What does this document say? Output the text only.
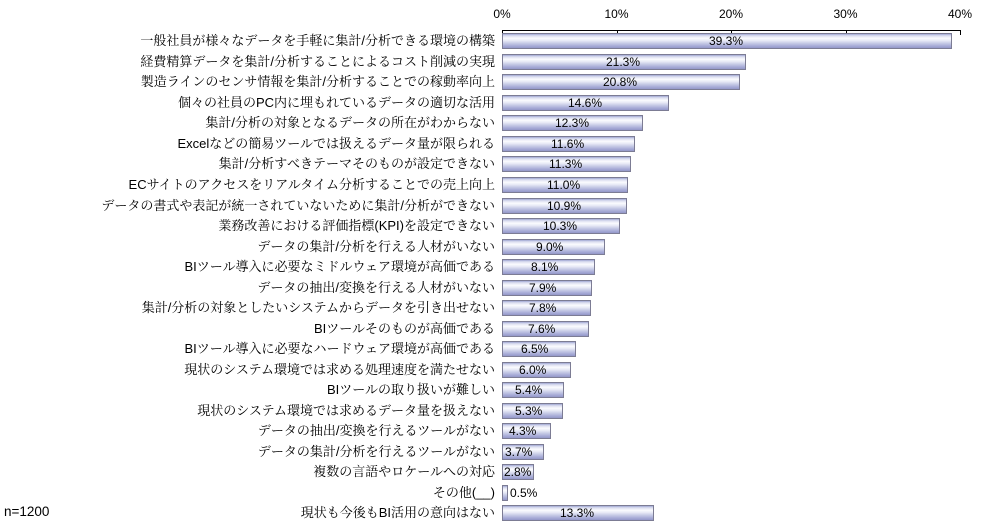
0%	10%	20%	30%	40%
一般社員が様々なデータを手軽に集計/分析できる環境の構築	39.3%
経費精算データを集計/分析することによるコスト削減の実現	21.3%
製造ラインのセンサ情報を集計/分析することでの稼動率向上	20.8%
個々の社員のPC内に埋もれているデータの適切な活用	14.6%
集計/分析の対象となるデータの所在がわからない	12.3%
Excelなどの簡易ツールでは扱えるデータ量が限られる	11.6%
集計/分析すべきテーマそのものが設定できない	11.3%
ECサイトのアクセスをリアルタイム分析することでの売上向上	11.0%
データの書式や表記が統一されていないために集計/分析ができない	10.9%
業務改善における評価指標(KPI)を設定できない	10.3%
データの集計/分析を行える人材がいない	9.0%
BIツール導入に必要なミドルウェア環境が高価である	8.1%
データの抽出/変換を行える人材がいない	7.9%
集計/分析の対象としたいシステムからデータを引き出せない	7.8%
BIツールそのものが高価である	7.6%
BIツール導入に必要なハードウェア環境が高価である	6.5%
現状のシステム環境では求める処理速度を満たせない	6.0%
BIツールの取り扱いが難しい	5.4%
現状のシステム環境では求めるデータ量を扱えない	5.3%
データの抽出/変換を行えるツールがない	4.3%
データの集計/分析を行えるツールがない 3.7%
複数の言語やロケールへの対応 2.8%
その他(__)	0.5%
現状も今後もBI活用の意向はない	13.3%
n=1200
